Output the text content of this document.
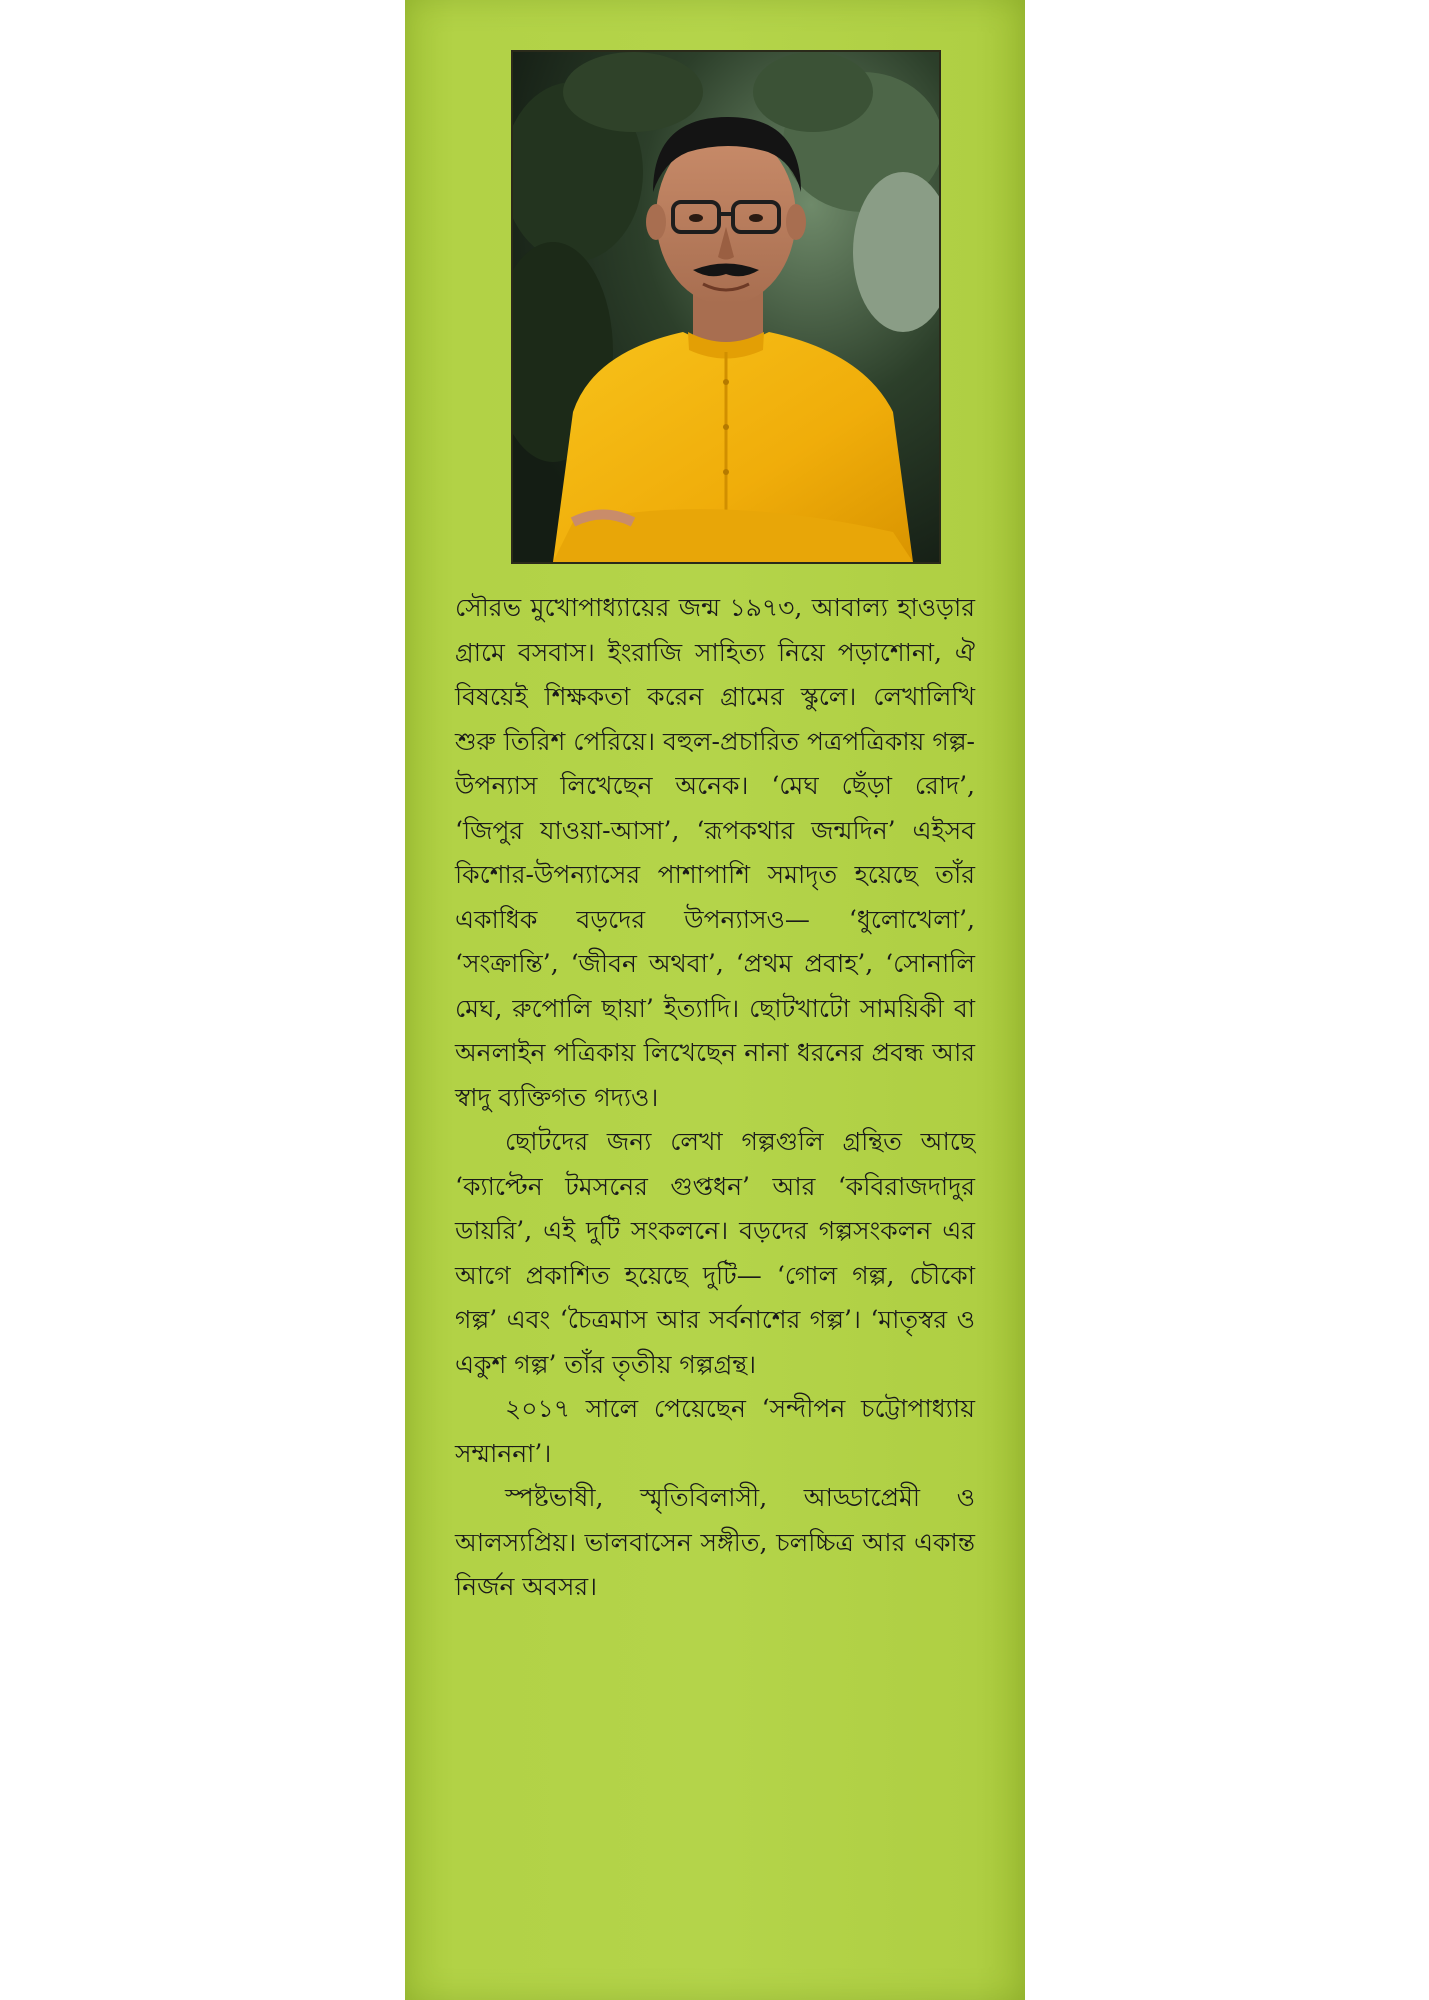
সৌরভ মুখোপাধ্যায়ের জন্ম ১৯৭৩, আবাল্য হাওড়ার গ্রামে বসবাস। ইংরাজি সাহিত্য নিয়ে পড়াশোনা, ঐ বিষয়েই শিক্ষকতা করেন গ্রামের স্কুলে। লেখালিখি শুরু তিরিশ পেরিয়ে। বহুল-প্রচারিত পত্রপত্রিকায় গল্প-উপন্যাস লিখেছেন অনেক। ‘মেঘ ছেঁড়া রোদ’, ‘জিপুর যাওয়া-আসা’, ‘রূপকথার জন্মদিন’ এইসব কিশোর-উপন্যাসের পাশাপাশি সমাদৃত হয়েছে তাঁর একাধিক বড়দের উপন্যাসও— ‘ধুলোখেলা’, ‘সংক্রান্তি’, ‘জীবন অথবা’, ‘প্রথম প্রবাহ’, ‘সোনালি মেঘ, রুপোলি ছায়া’ ইত্যাদি। ছোটখাটো সাময়িকী বা অনলাইন পত্রিকায় লিখেছেন নানা ধরনের প্রবন্ধ আর স্বাদু ব্যক্তিগত গদ্যও।

ছোটদের জন্য লেখা গল্পগুলি গ্রন্থিত আছে ‘ক্যাপ্টেন টমসনের গুপ্তধন’ আর ‘কবিরাজদাদুর ডায়রি’, এই দুটি সংকলনে। বড়দের গল্পসংকলন এর আগে প্রকাশিত হয়েছে দুটি— ‘গোল গল্প, চৌকো গল্প’ এবং ‘চৈত্রমাস আর সর্বনাশের গল্প’। ‘মাতৃস্বর ও একুশ গল্প’ তাঁর তৃতীয় গল্পগ্রন্থ।

২০১৭ সালে পেয়েছেন ‘সন্দীপন চট্টোপাধ্যায় সম্মাননা’।

স্পষ্টভাষী, স্মৃতিবিলাসী, আড্ডাপ্রেমী ও আলস্যপ্রিয়। ভালবাসেন সঙ্গীত, চলচ্চিত্র আর একান্ত নির্জন অবসর।
